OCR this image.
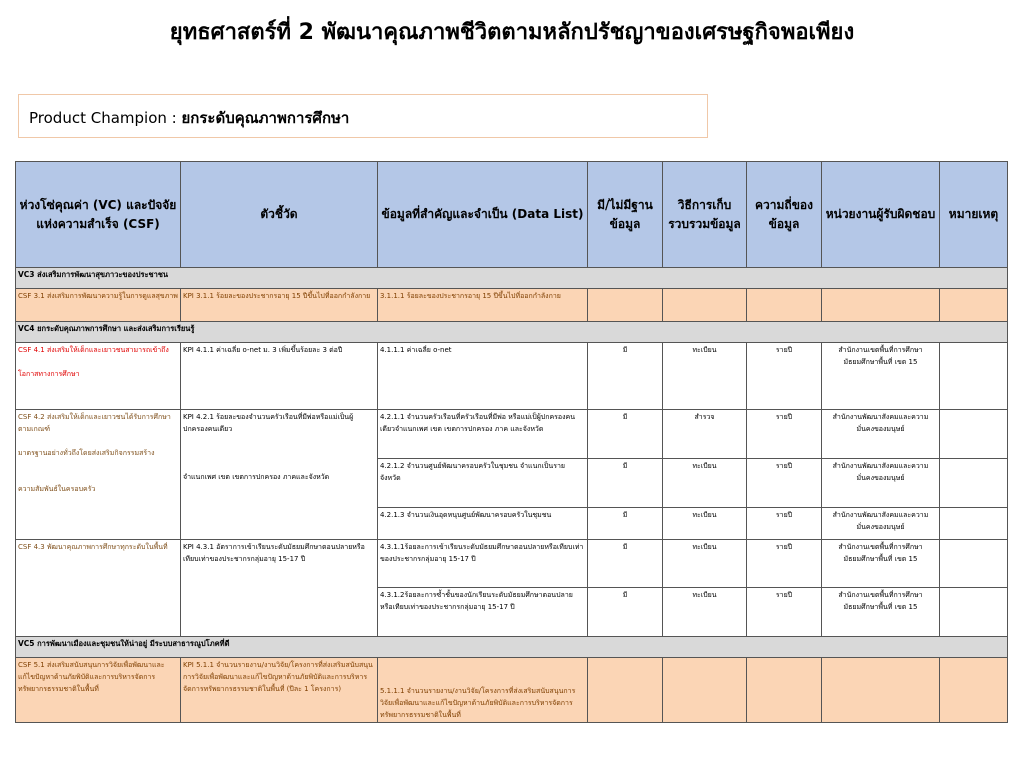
ยุทธศาสตร์ที่ 2 พัฒนาคุณภาพชีวิตตามหลักปรัชญาของเศรษฐกิจพอเพียง
Product Champion : ยกระดับคุณภาพการศึกษา
ห่วงโซ่คุณค่า (VC) และปัจจัยแห่งความสำเร็จ (CSF)	ตัวชี้วัด	ข้อมูลที่สำคัญและจำเป็น (Data List)	มี/ไม่มีฐานข้อมูล	วิธีการเก็บรวบรวมข้อมูล	ความถี่ของข้อมูล	หน่วยงานผู้รับผิดชอบ	หมายเหตุ
VC3 ส่งเสริมการพัฒนาสุขภาวะของประชาชน							
CSF 3.1 ส่งเสริมการพัฒนาความรู้ในการดูแลสุขภาพ	KPI 3.1.1 ร้อยละของประชากรอายุ 15 ปีขึ้นไปที่ออกกำลังกาย	3.1.1.1 ร้อยละของประชากรอายุ 15 ปีขึ้นไปที่ออกกำลังกาย					
VC4 ยกระดับคุณภาพการศึกษา และส่งเสริมการเรียนรู้							

CSF 4.1 ส่งเสริมให้เด็กและเยาวชนสามารถเข้าถึง
โอกาสทางการศึกษา	KPI 4.1.1 ค่าเฉลี่ย o-net ม. 3 เพิ่มขึ้นร้อยละ 3 ต่อปี	4.1.1.1 ค่าเฉลี่ย o-net	มี	ทะเบียน	รายปี	สำนักงานเขตพื้นที่การศึกษามัธยมศึกษาพื้นที่ เขต 15	

CSF 4.2 ส่งเสริมให้เด็กและเยาวชนได้รับการศึกษาตามเกณฑ์
มาตรฐานอย่างทั่วถึงโดยส่งเสริมกิจกรรมสร้าง
ความสัมพันธ์ในครอบครัว	KPI 4.2.1 ร้อยละของจำนวนครัวเรือนที่มีพ่อหรือแม่เป็นผู้ปกครองคนเดียว
จำแนกเพศ เขต เขตการปกครอง ภาคและจังหวัด	4.2.1.1 จำนวนครัวเรือนที่ครัวเรือนที่มีพ่อ หรือแม่เป็ผู้ปกครองคนเดียวจำแนกเพศ เขต เขตการปกครอง ภาค และจังหวัด	มี	สำรวจ	รายปี	สำนักงานพัฒนาสังคมและความมั่นคงของมนุษย์	
		4.2.1.2 จำนวนศูนย์พัฒนาครอบครัวในชุมชน จำแนกเป็นรายจังหวัด	มี	ทะเบียน	รายปี	สำนักงานพัฒนาสังคมและความมั่นคงของมนุษย์	
		4.2.1.3 จำนวนเงินอุดหนุนศูนย์พัฒนาครอบครัวในชุมชน	มี	ทะเบียน	รายปี	สำนักงานพัฒนาสังคมและความมั่นคงของมนุษย์	
CSF 4.3 พัฒนาคุณภาพการศึกษาทุกระดับในพื้นที่	KPI 4.3.1 อัตราการเข้าเรียนระดับมัธยมศึกษาตอนปลายหรือเทียบเท่าของประชากรกลุ่มอายุ 15-17 ปี	4.3.1.1ร้อยละการเข้าเรียนระดับมัธยมศึกษาตอนปลายหรือเทียบเท่าของประชากรกลุ่มอายุ 15-17 ปี	มี	ทะเบียน	รายปี	สำนักงานเขตพื้นที่การศึกษามัธยมศึกษาพื้นที่ เขต 15	
		4.3.1.2ร้อยละการซ้ำชั้นของนักเรียนระดับมัธยมศึกษาตอนปลายหรือเทียบเท่าของประชากรกลุ่มอายุ 15-17 ปี	มี	ทะเบียน	รายปี	สำนักงานเขตพื้นที่การศึกษามัธยมศึกษาพื้นที่ เขต 15	
VC5 การพัฒนาเมืองและชุมชนให้น่าอยู่ มีระบบสาธารณูปโภคที่ดี							
CSF 5.1 ส่งเสริมสนับสนุนการวิจัยเพื่อพัฒนาและแก้ไขปัญหาด้านภัยพิบัติและการบริหารจัดการทรัพยากรธรรมชาติในพื้นที่	KPI 5.1.1 จำนวนรายงาน/งานวิจัย/โครงการที่ส่งเสริมสนับสนุนการวิจัยเพื่อพัฒนาและแก้ไขปัญหาด้านภัยพิบัติและการบริหารจัดการทรัพยากรธรรมชาติในพื้นที่ (ปีละ 1 โครงการ)	5.1.1.1 จำนวนรายงาน/งานวิจัย/โครงการที่ส่งเสริมสนับสนุนการวิจัยเพื่อพัฒนาและแก้ไขปัญหาด้านภัยพิบัติและการบริหารจัดการทรัพยากรธรรมชาติในพื้นที่					
